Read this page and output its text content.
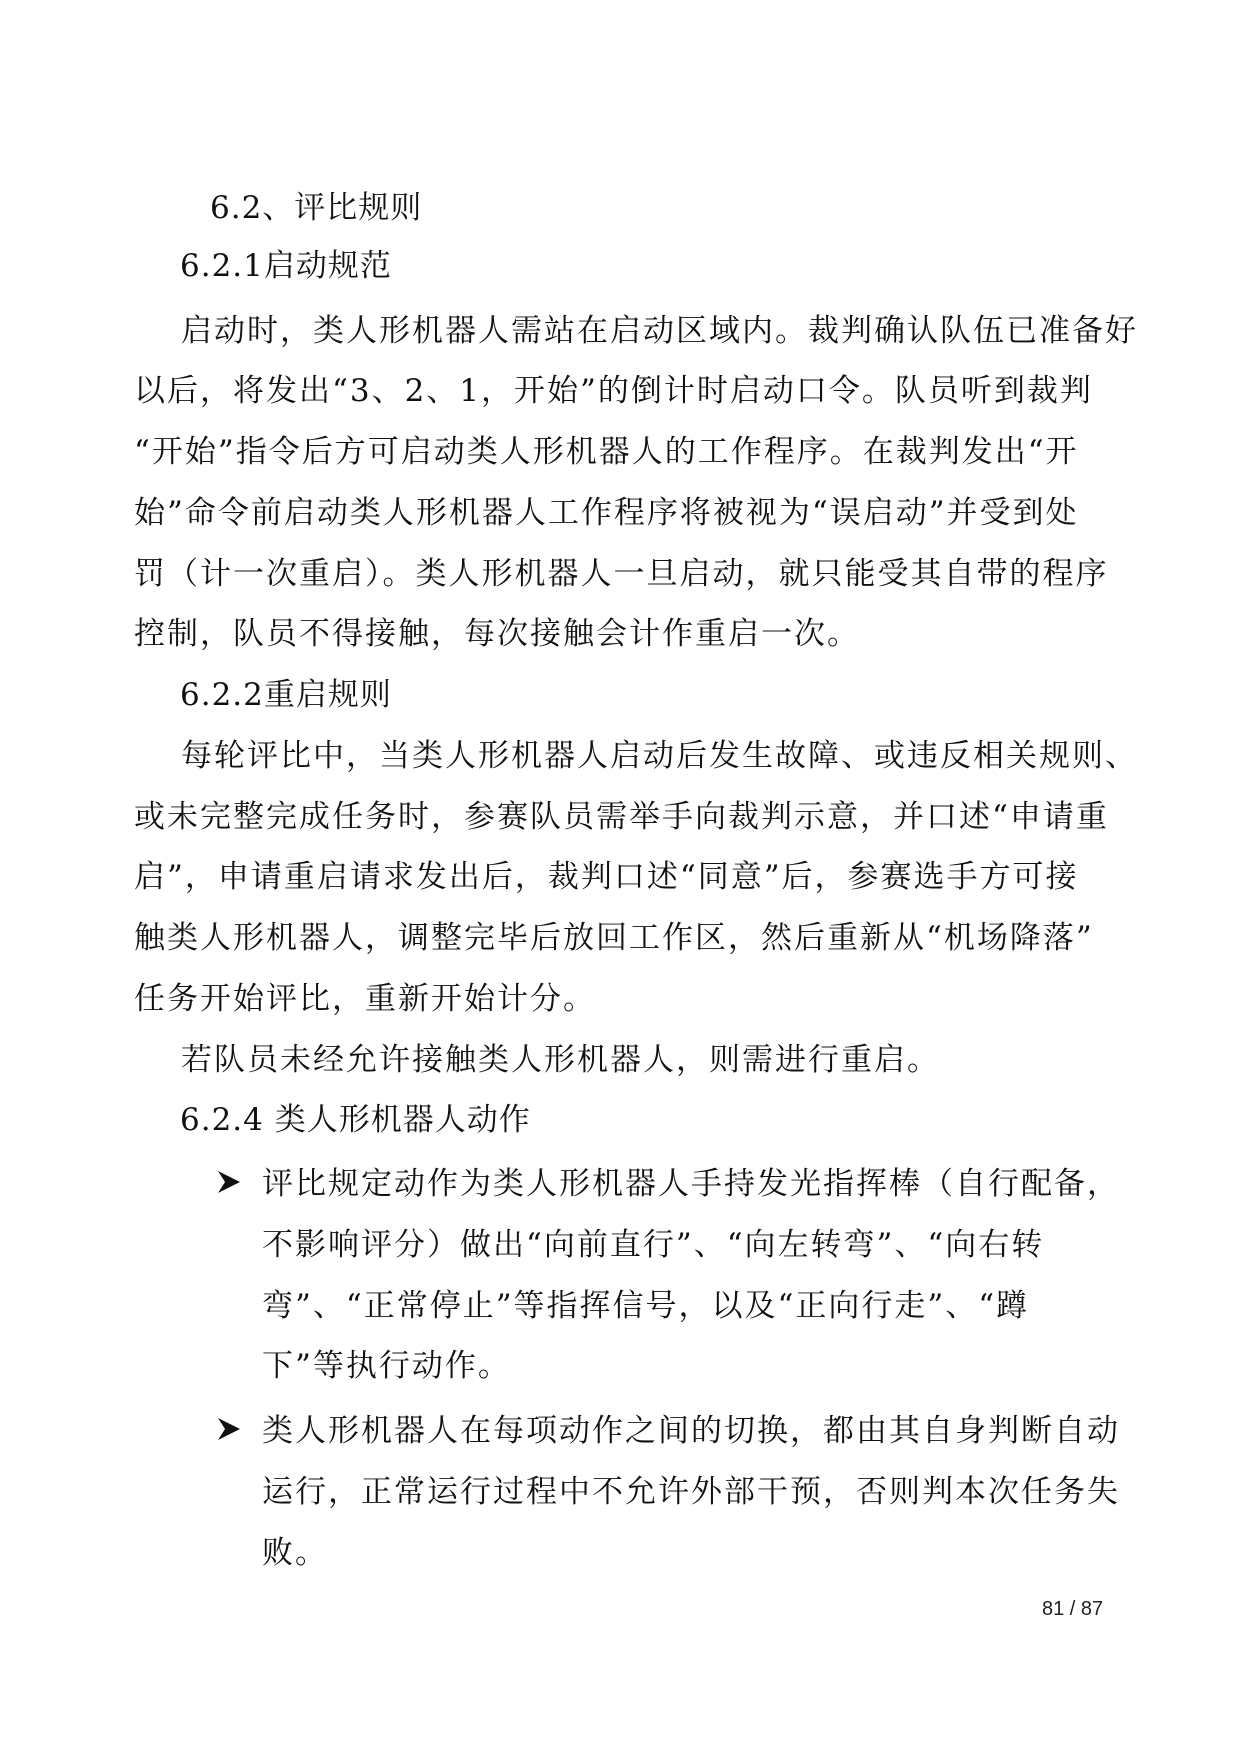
6.2、评比规则
6.2.1启动规范
启动时，类人形机器人需站在启动区域内。裁判确认队伍已准备好
以后，将发出“3、2、1，开始”的倒计时启动口令。队员听到裁判
“开始”指令后方可启动类人形机器人的工作程序。在裁判发出“开
始”命令前启动类人形机器人工作程序将被视为“误启动”并受到处
罚（计一次重启）。类人形机器人一旦启动，就只能受其自带的程序
控制，队员不得接触，每次接触会计作重启一次。
6.2.2重启规则
每轮评比中，当类人形机器人启动后发生故障、或违反相关规则、
或未完整完成任务时，参赛队员需举手向裁判示意，并口述“申请重
启”，申请重启请求发出后，裁判口述“同意”后，参赛选手方可接
触类人形机器人，调整完毕后放回工作区，然后重新从“机场降落”
任务开始评比，重新开始计分。
若队员未经允许接触类人形机器人，则需进行重启。
6.2.4 类人形机器人动作
评比规定动作为类人形机器人手持发光指挥棒（自行配备，
不影响评分）做出“向前直行”、“向左转弯”、“向右转
弯”、“正常停止”等指挥信号，以及“正向行走”、“蹲
下”等执行动作。
类人形机器人在每项动作之间的切换，都由其自身判断自动
运行，正常运行过程中不允许外部干预，否则判本次任务失
败。
81 / 87
